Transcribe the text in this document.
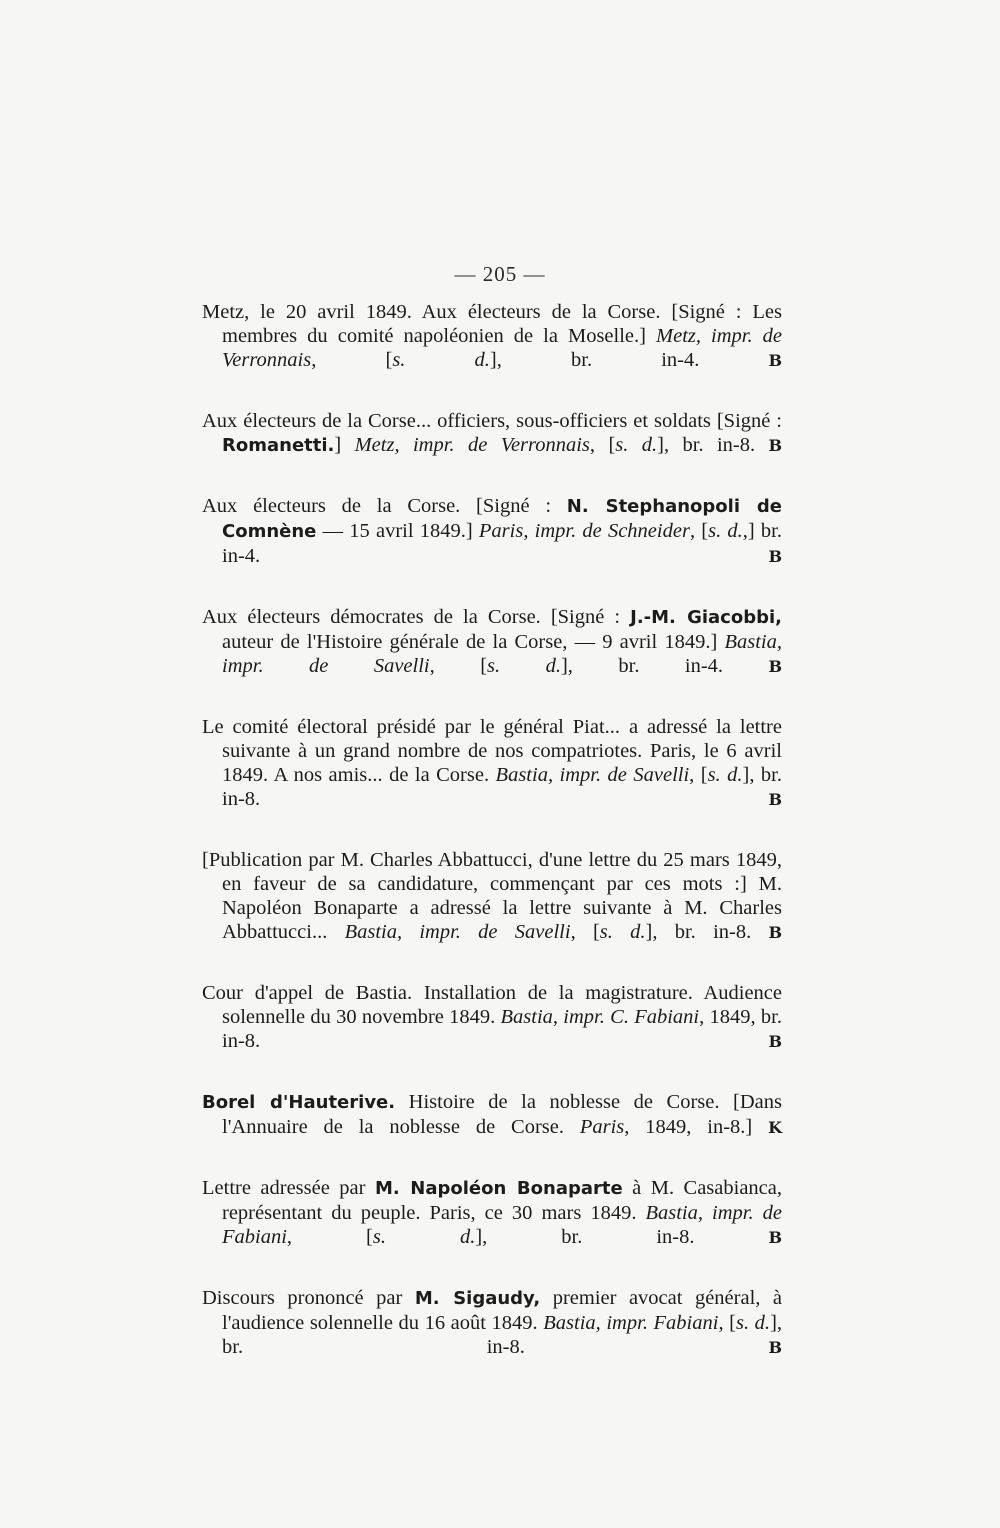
— 205 —

Metz, le 20 avril 1849. Aux électeurs de la Corse. [Signé : Les membres du comité napoléonien de la Moselle.] Metz, impr. de Verronnais, [s. d.], br. in-4. B

Aux électeurs de la Corse... officiers, sous-officiers et soldats [Signé : Romanetti.] Metz, impr. de Verronnais, [s. d.], br. in-8. B

Aux électeurs de la Corse. [Signé : N. Stephanopoli de Comnène — 15 avril 1849.] Paris, impr. de Schneider, [s. d.,] br. in-4. B

Aux électeurs démocrates de la Corse. [Signé : J.-M. Giacobbi, auteur de l'Histoire générale de la Corse, — 9 avril 1849.] Bastia, impr. de Savelli, [s. d.], br. in-4. B

Le comité électoral présidé par le général Piat... a adressé la lettre suivante à un grand nombre de nos compatriotes. Paris, le 6 avril 1849. A nos amis... de la Corse. Bastia, impr. de Savelli, [s. d.], br. in-8. B

[Publication par M. Charles Abbattucci, d'une lettre du 25 mars 1849, en faveur de sa candidature, commençant par ces mots :] M. Napoléon Bonaparte a adressé la lettre suivante à M. Charles Abbattucci... Bastia, impr. de Savelli, [s. d.], br. in-8. B

Cour d'appel de Bastia. Installation de la magistrature. Audience solennelle du 30 novembre 1849. Bastia, impr. C. Fabiani, 1849, br. in-8. B

Borel d'Hauterive. Histoire de la noblesse de Corse. [Dans l'Annuaire de la noblesse de Corse. Paris, 1849, in-8.] K

Lettre adressée par M. Napoléon Bonaparte à M. Casabianca, représentant du peuple. Paris, ce 30 mars 1849. Bastia, impr. de Fabiani, [s. d.], br. in-8. B

Discours prononcé par M. Sigaudy, premier avocat général, à l'audience solennelle du 16 août 1849. Bastia, impr. Fabiani, [s. d.], br. in-8. B
